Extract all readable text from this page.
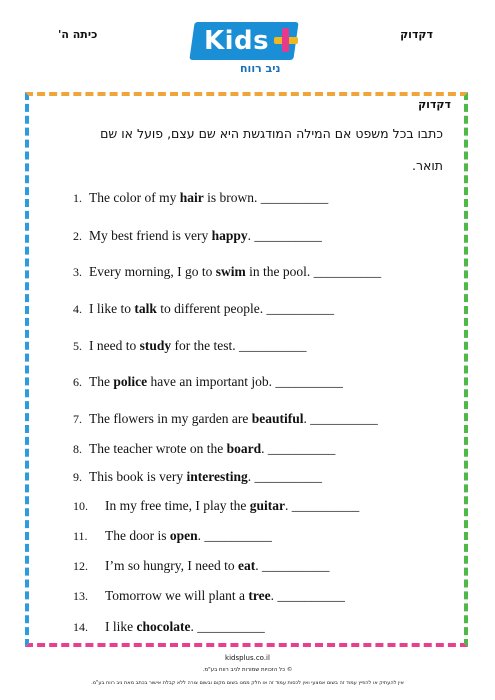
כיתה ה'	דקדוק
Kids
ניב רווח
דקדוק
כתבו בכל משפט אם המילה המודגשת היא שם עצם, פועל או שם תואר.
1. The color of my hair is brown. __________
2. My best friend is very happy. __________
3. Every morning, I go to swim in the pool. __________
4. I like to talk to different people. __________
5. I need to study for the test. __________
6. The police have an important job. __________
7. The flowers in my garden are beautiful. __________
8. The teacher wrote on the board. __________
9. This book is very interesting. __________
10. In my free time, I play the guitar. __________
11. The door is open. __________
12. I’m so hungry, I need to eat. __________
13. Tomorrow we will plant a tree. __________
14. I like chocolate. __________
kidsplus.co.il
© כל הזכויות שמורות לניב רווח בע"מ.
אין להעתיק או להפיץ עמוד זה בשום אמצעי ואין לכסות עמוד זה או חלק ממנו בשום מקום ובשום צורה ללא קבלת אישור בכתב מאת ניב רווח בע"מ.
